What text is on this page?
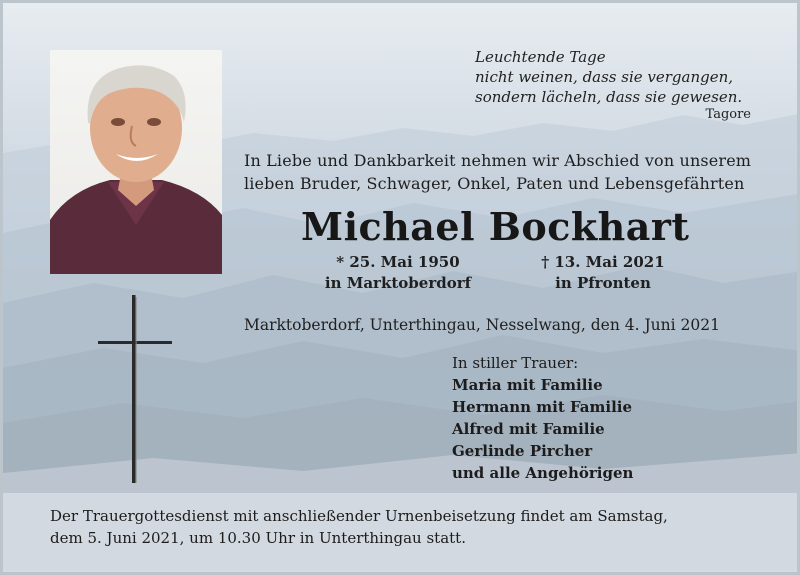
Leuchtende Tage
nicht weinen, dass sie vergangen,
sondern lächeln, dass sie gewesen.
Tagore
In Liebe und Dankbarkeit nehmen wir Abschied von unserem
lieben Bruder, Schwager, Onkel, Paten und Lebensgefährten
Michael Bockhart
* 25. Mai 1950
in Marktoberdorf
† 13. Mai 2021
in Pfronten
Marktoberdorf, Unterthingau, Nesselwang, den 4. Juni 2021
In stiller Trauer:
Maria mit Familie
Hermann mit Familie
Alfred mit Familie
Gerlinde Pircher
und alle Angehörigen
Der Trauergottesdienst mit anschließender Urnenbeisetzung findet am Samstag,
dem 5. Juni 2021, um 10.30 Uhr in Unterthingau statt.
